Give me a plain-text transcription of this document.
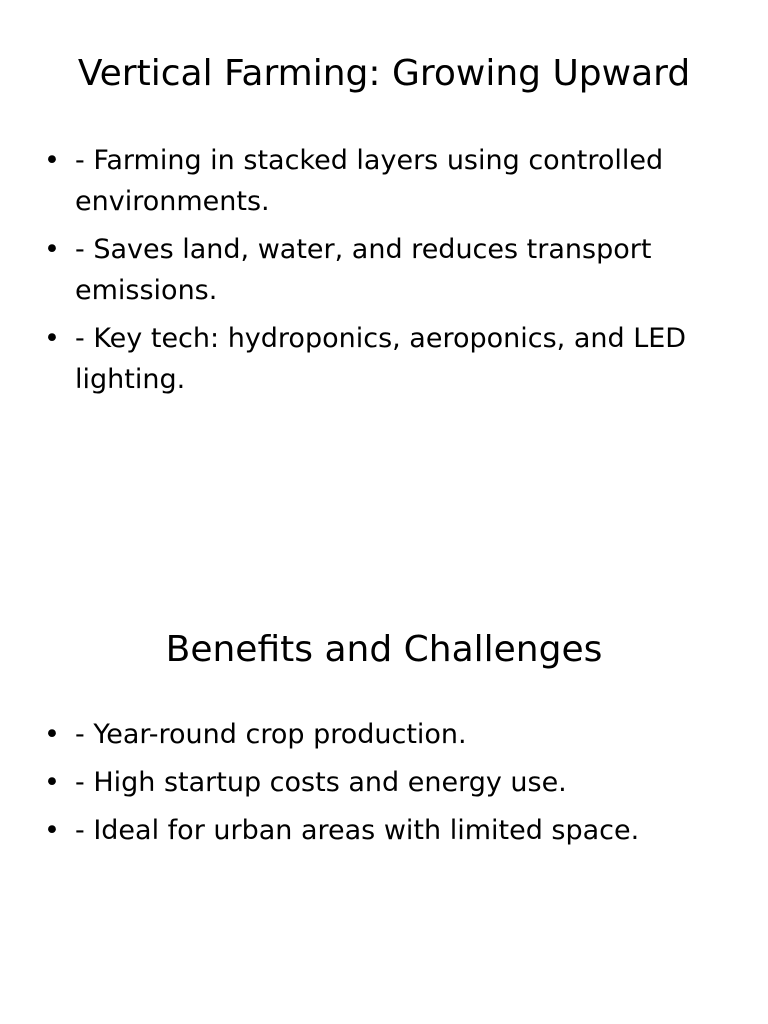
Vertical Farming: Growing Upward
• - Farming in stacked layers using controlled environments.
• - Saves land, water, and reduces transport emissions.
• - Key tech: hydroponics, aeroponics, and LED lighting.
Benefits and Challenges
• - Year-round crop production.
• - High startup costs and energy use.
• - Ideal for urban areas with limited space.
